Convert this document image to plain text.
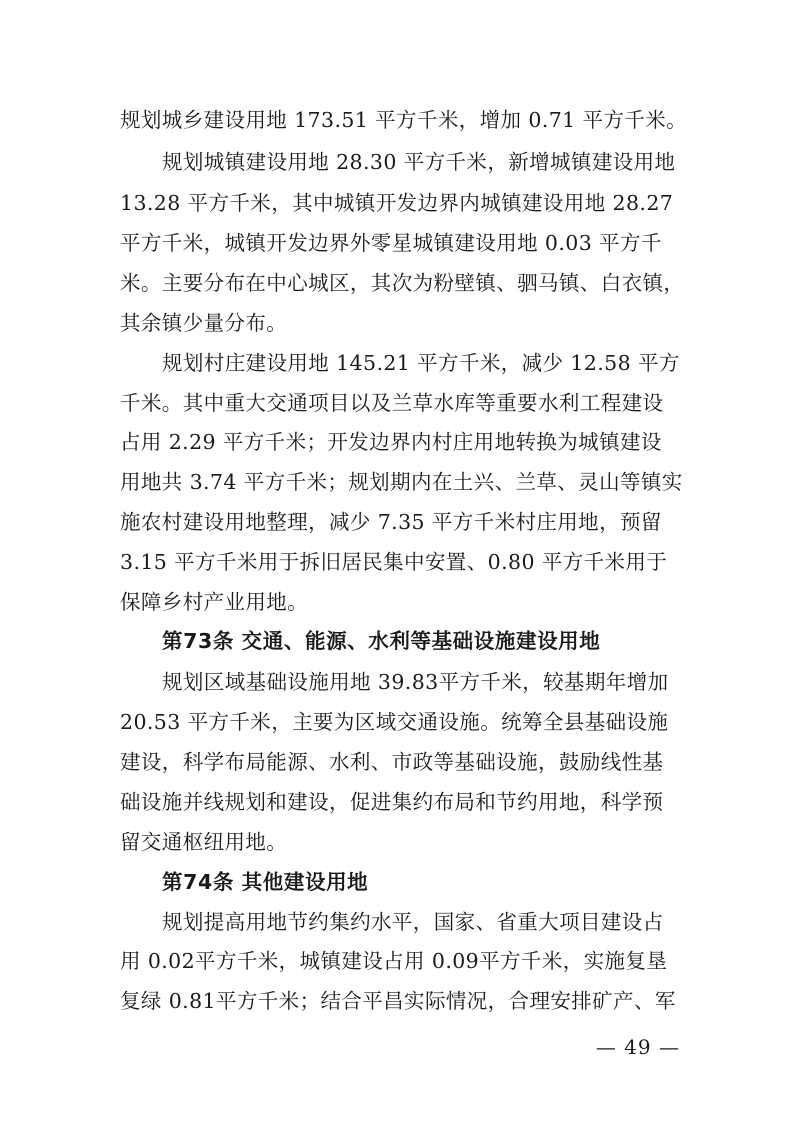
规划城乡建设用地 173.51 平方千米，增加 0.71 平方千米。
规划城镇建设用地 28.30 平方千米，新增城镇建设用地
13.28 平方千米，其中城镇开发边界内城镇建设用地 28.27
平方千米，城镇开发边界外零星城镇建设用地 0.03 平方千
米。主要分布在中心城区，其次为粉壁镇、驷马镇、白衣镇，
其余镇少量分布。
规划村庄建设用地 145.21 平方千米，减少 12.58 平方
千米。其中重大交通项目以及兰草水库等重要水利工程建设
占用 2.29 平方千米；开发边界内村庄用地转换为城镇建设
用地共 3.74 平方千米；规划期内在土兴、兰草、灵山等镇实
施农村建设用地整理，减少 7.35 平方千米村庄用地，预留
3.15 平方千米用于拆旧居民集中安置、0.80 平方千米用于
保障乡村产业用地。
第73条 交通、能源、水利等基础设施建设用地
规划区域基础设施用地 39.83平方千米，较基期年增加
20.53 平方千米，主要为区域交通设施。统筹全县基础设施
建设，科学布局能源、水利、市政等基础设施，鼓励线性基
础设施并线规划和建设，促进集约布局和节约用地，科学预
留交通枢纽用地。
第74条 其他建设用地
规划提高用地节约集约水平，国家、省重大项目建设占
用 0.02平方千米，城镇建设占用 0.09平方千米，实施复垦
复绿 0.81平方千米；结合平昌实际情况，合理安排矿产、军
— 49 —
